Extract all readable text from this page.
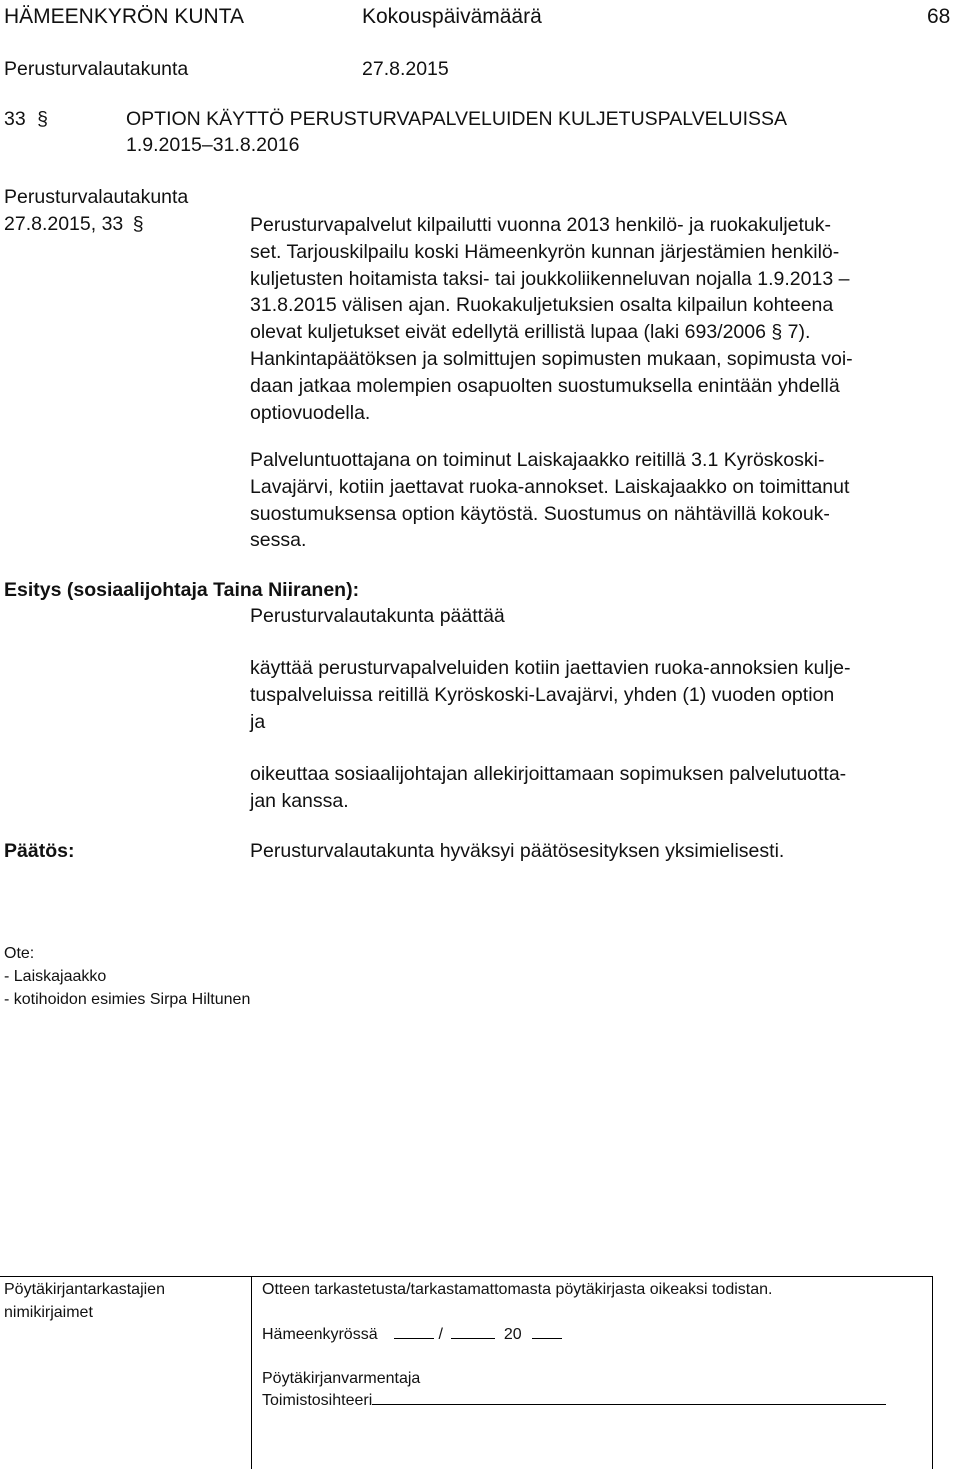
HÄMEENKYRÖN KUNTA	Kokouspäivämäärä	68
Perusturvalautakunta	27.8.2015
33 §	OPTION KÄYTTÖ PERUSTURVAPALVELUIDEN KULJETUSPALVELUISSA
1.9.2015–31.8.2016
Perusturvalautakunta
27.8.2015, 33 §	Perusturvapalvelut kilpailutti vuonna 2013 henkilö- ja ruokakuljetuk-
set. Tarjouskilpailu koski Hämeenkyrön kunnan järjestämien henkilö-
kuljetusten hoitamista taksi- tai joukkoliikenneluvan nojalla 1.9.2013 –
31.8.2015 välisen ajan. Ruokakuljetuksien osalta kilpailun kohteena
olevat kuljetukset eivät edellytä erillistä lupaa (laki 693/2006 § 7).
Hankintapäätöksen ja solmittujen sopimusten mukaan, sopimusta voi-
daan jatkaa molempien osapuolten suostumuksella enintään yhdellä
optiovuodella.
Palveluntuottajana on toiminut Laiskajaakko reitillä 3.1 Kyröskoski-
Lavajärvi, kotiin jaettavat ruoka-annokset. Laiskajaakko on toimittanut
suostumuksensa option käytöstä. Suostumus on nähtävillä kokouk-
sessa.
Esitys (sosiaalijohtaja Taina Niiranen):
Perusturvalautakunta päättää
käyttää perusturvapalveluiden kotiin jaettavien ruoka-annoksien kulje-
tuspalveluissa reitillä Kyröskoski-Lavajärvi, yhden (1) vuoden option
ja
oikeuttaa sosiaalijohtajan allekirjoittamaan sopimuksen palvelutuotta-
jan kanssa.
Päätös:	Perusturvalautakunta hyväksyi päätösesityksen yksimielisesti.
Ote:
- Laiskajaakko
- kotihoidon esimies Sirpa Hiltunen
Pöytäkirjantarkastajien
nimikirjaimet
Otteen tarkastetusta/tarkastamattomasta pöytäkirjasta oikeaksi todistan.
Hämeenkyrössä	/	20
Pöytäkirjanvarmentaja
Toimistosihteeri
